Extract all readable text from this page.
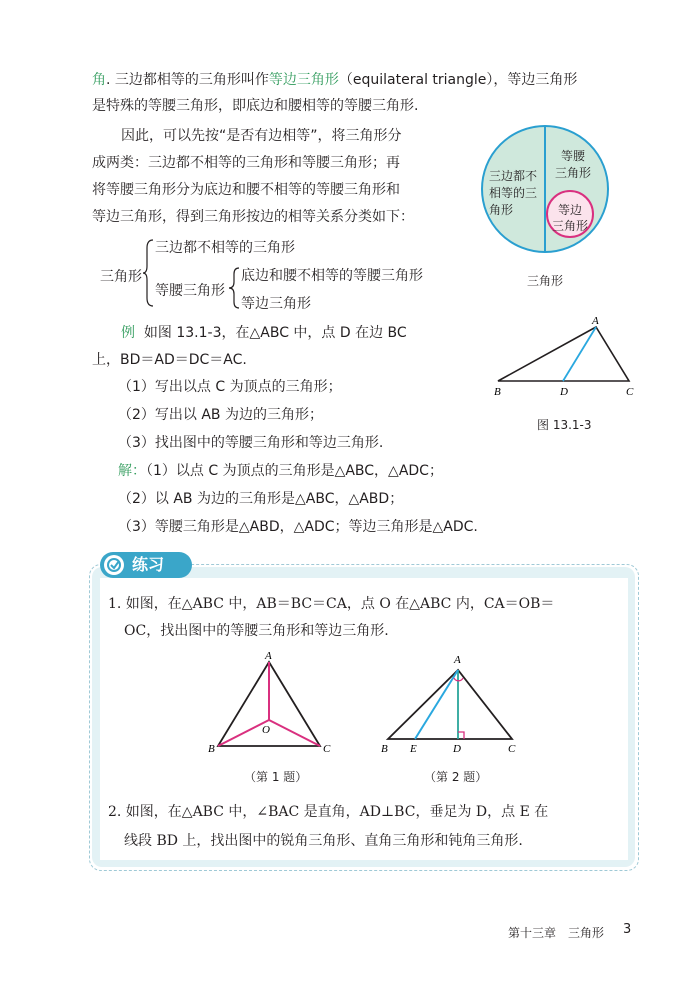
角. 三边都相等的三角形叫作等边三角形（equilateral triangle），等边三角形
是特殊的等腰三角形，即底边和腰相等的等腰三角形.
因此，可以先按“是否有边相等”，将三角形分
成两类：三边都不相等的三角形和等腰三角形；再
将等腰三角形分为底边和腰不相等的等腰三角形和
等边三角形，得到三角形按边的相等关系分类如下：
三边都不
相等的三
角形
等腰
三角形
等边
三角形
三角形
三角形
三边都不相等的三角形
等腰三角形
底边和腰不相等的等腰三角形
等边三角形
例 如图 13.1-3，在△ABC 中，点 D 在边 BC
上，BD＝AD＝DC＝AC.
（1）写出以点 C 为顶点的三角形；
（2）写出以 AB 为边的三角形；
（3）找出图中的等腰三角形和等边三角形.
解：（1）以点 C 为顶点的三角形是△ABC，△ADC；
（2）以 AB 为边的三角形是△ABC，△ABD；
（3）等腰三角形是△ABD，△ADC；等边三角形是△ADC.
A
B	D	C
图 13.1-3
练习
1. 如图，在△ABC 中，AB＝BC＝CA，点 O 在△ABC 内，CA＝OB＝
OC，找出图中的等腰三角形和等边三角形.
A
B	C
O
（第 1 题）
A
B E	D	C
（第 2 题）
2. 如图，在△ABC 中，∠BAC 是直角，AD⊥BC，垂足为 D，点 E 在
线段 BD 上，找出图中的锐角三角形、直角三角形和钝角三角形.
第十三章　三角形 3
